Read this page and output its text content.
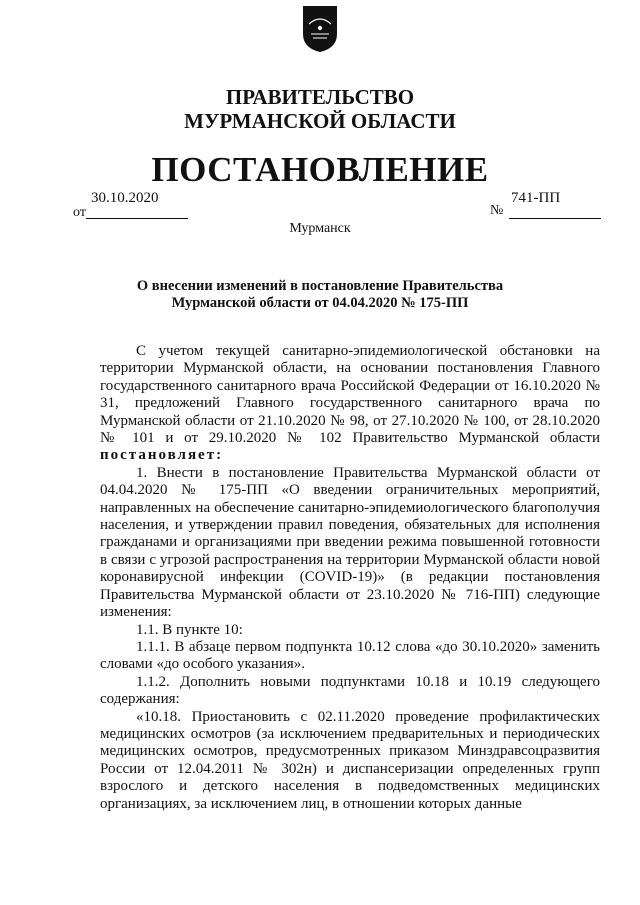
ПРАВИТЕЛЬСТВО
МУРМАНСКОЙ ОБЛАСТИ
ПОСТАНОВЛЕНИЕ
30.10.2020
от
741-ПП
№
Мурманск
О внесении изменений в постановление Правительства
Мурманской области от 04.04.2020 № 175-ПП

С учетом текущей санитарно-эпидемиологической обстановки на территории Мурманской области, на основании постановления Главного государственного санитарного врача Российской Федерации от 16.10.2020 № 31, предложений Главного государственного санитарного врача по Мурманской области от 21.10.2020 № 98, от 27.10.2020 № 100, от 28.10.2020 № 101 и от 29.10.2020 № 102 Правительство Мурманской области постановляет:

1. Внести в постановление Правительства Мурманской области от 04.04.2020 № 175-ПП «О введении ограничительных мероприятий, направленных на обеспечение санитарно-эпидемиологического благополучия населения, и утверждении правил поведения, обязательных для исполнения гражданами и организациями при введении режима повышенной готовности в связи с угрозой распространения на территории Мурманской области новой коронавирусной инфекции (COVID-19)» (в редакции постановления Правительства Мурманской области от 23.10.2020 № 716-ПП) следующие изменения:

1.1. В пункте 10:

1.1.1. В абзаце первом подпункта 10.12 слова «до 30.10.2020» заменить словами «до особого указания».

1.1.2. Дополнить новыми подпунктами 10.18 и 10.19 следующего содержания:

«10.18. Приостановить с 02.11.2020 проведение профилактических медицинских осмотров (за исключением предварительных и периодических медицинских осмотров, предусмотренных приказом Минздравсоцразвития России от 12.04.2011 № 302н) и диспансеризации определенных групп взрослого и детского населения в подведомственных медицинских организациях, за исключением лиц, в отношении которых данные
